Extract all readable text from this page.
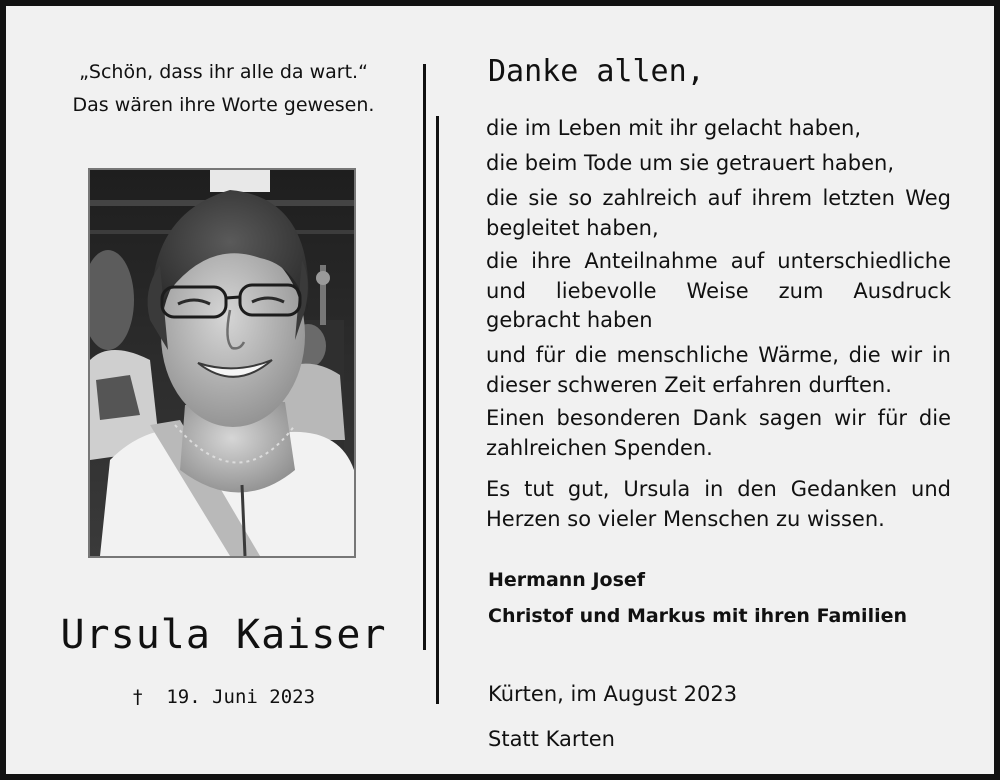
„Schön, dass ihr alle da wart.“
Das wären ihre Worte gewesen.
Ursula Kaiser
† 19. Juni 2023
Danke allen,
die im Leben mit ihr gelacht haben,
die beim Tode um sie getrauert haben,
die sie so zahlreich auf ihrem letzten Weg
begleitet haben,
die ihre Anteilnahme auf unterschiedliche und liebevolle Weise zum Ausdruck
gebracht haben
und für die menschliche Wärme, die wir in
dieser schweren Zeit erfahren durften.
Einen besonderen Dank sagen wir für die
zahlreichen Spenden.
Es tut gut, Ursula in den Gedanken und
Herzen so vieler Menschen zu wissen.
Hermann Josef
Christof und Markus mit ihren Familien
Kürten, im August 2023
Statt Karten
